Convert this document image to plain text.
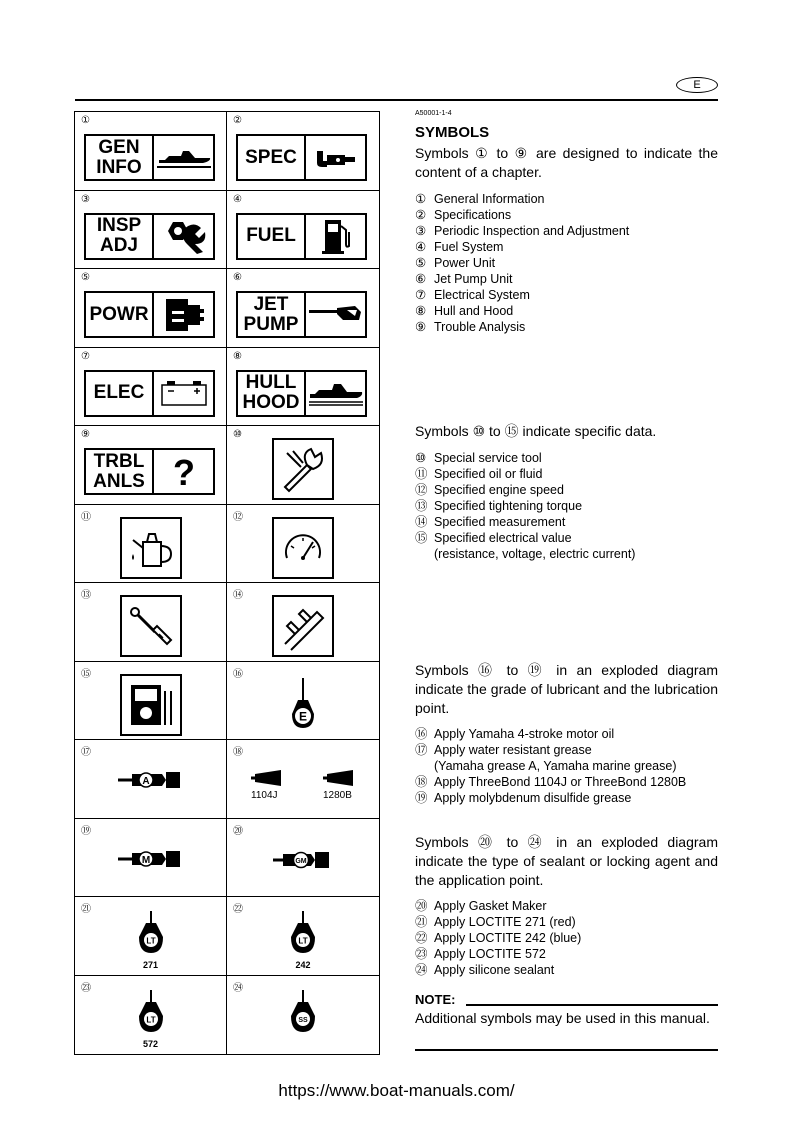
E
①
GEN
INFO
②
SPEC
③
INSP
ADJ
④
FUEL
⑤
POWR
⑥
JET
PUMP
⑦
ELEC
⑧
HULL
HOOD
⑨
TRBL
ANLS ?
⑩
⑪	⑫
⑬	⑭
⑮	⑯
E
⑰
A
⑱
1104J	1280B
⑲
M
⑳
GM
㉑
LT
271
㉒
LT
242
㉓
LT
572
㉔
SS
A50001-1-4
SYMBOLS
Symbols ① to ⑨ are designed to indicate the content of a chapter.
① General Information
② Specifications
③ Periodic Inspection and Adjustment
④ Fuel System
⑤ Power Unit
⑥ Jet Pump Unit
⑦ Electrical System
⑧ Hull and Hood
⑨ Trouble Analysis
Symbols ⑩ to ⑮ indicate specific data.
⑩ Special service tool
⑪ Specified oil or fluid
⑫ Specified engine speed
⑬ Specified tightening torque
⑭ Specified measurement
⑮ Specified electrical value
(resistance, voltage, electric current)
Symbols ⑯ to ⑲ in an exploded diagram indicate the grade of lubricant and the lubrication point.
⑯ Apply Yamaha 4-stroke motor oil
⑰ Apply water resistant grease
(Yamaha grease A, Yamaha marine grease)
⑱ Apply ThreeBond 1104J or ThreeBond 1280B
⑲ Apply molybdenum disulfide grease
Symbols ⑳ to ㉔ in an exploded diagram indicate the type of sealant or locking agent and the application point.
⑳ Apply Gasket Maker
㉑ Apply LOCTITE 271 (red)
㉒ Apply LOCTITE 242 (blue)
㉓ Apply LOCTITE 572
㉔ Apply silicone sealant
NOTE:
Additional symbols may be used in this manual.
https://www.boat-manuals.com/
